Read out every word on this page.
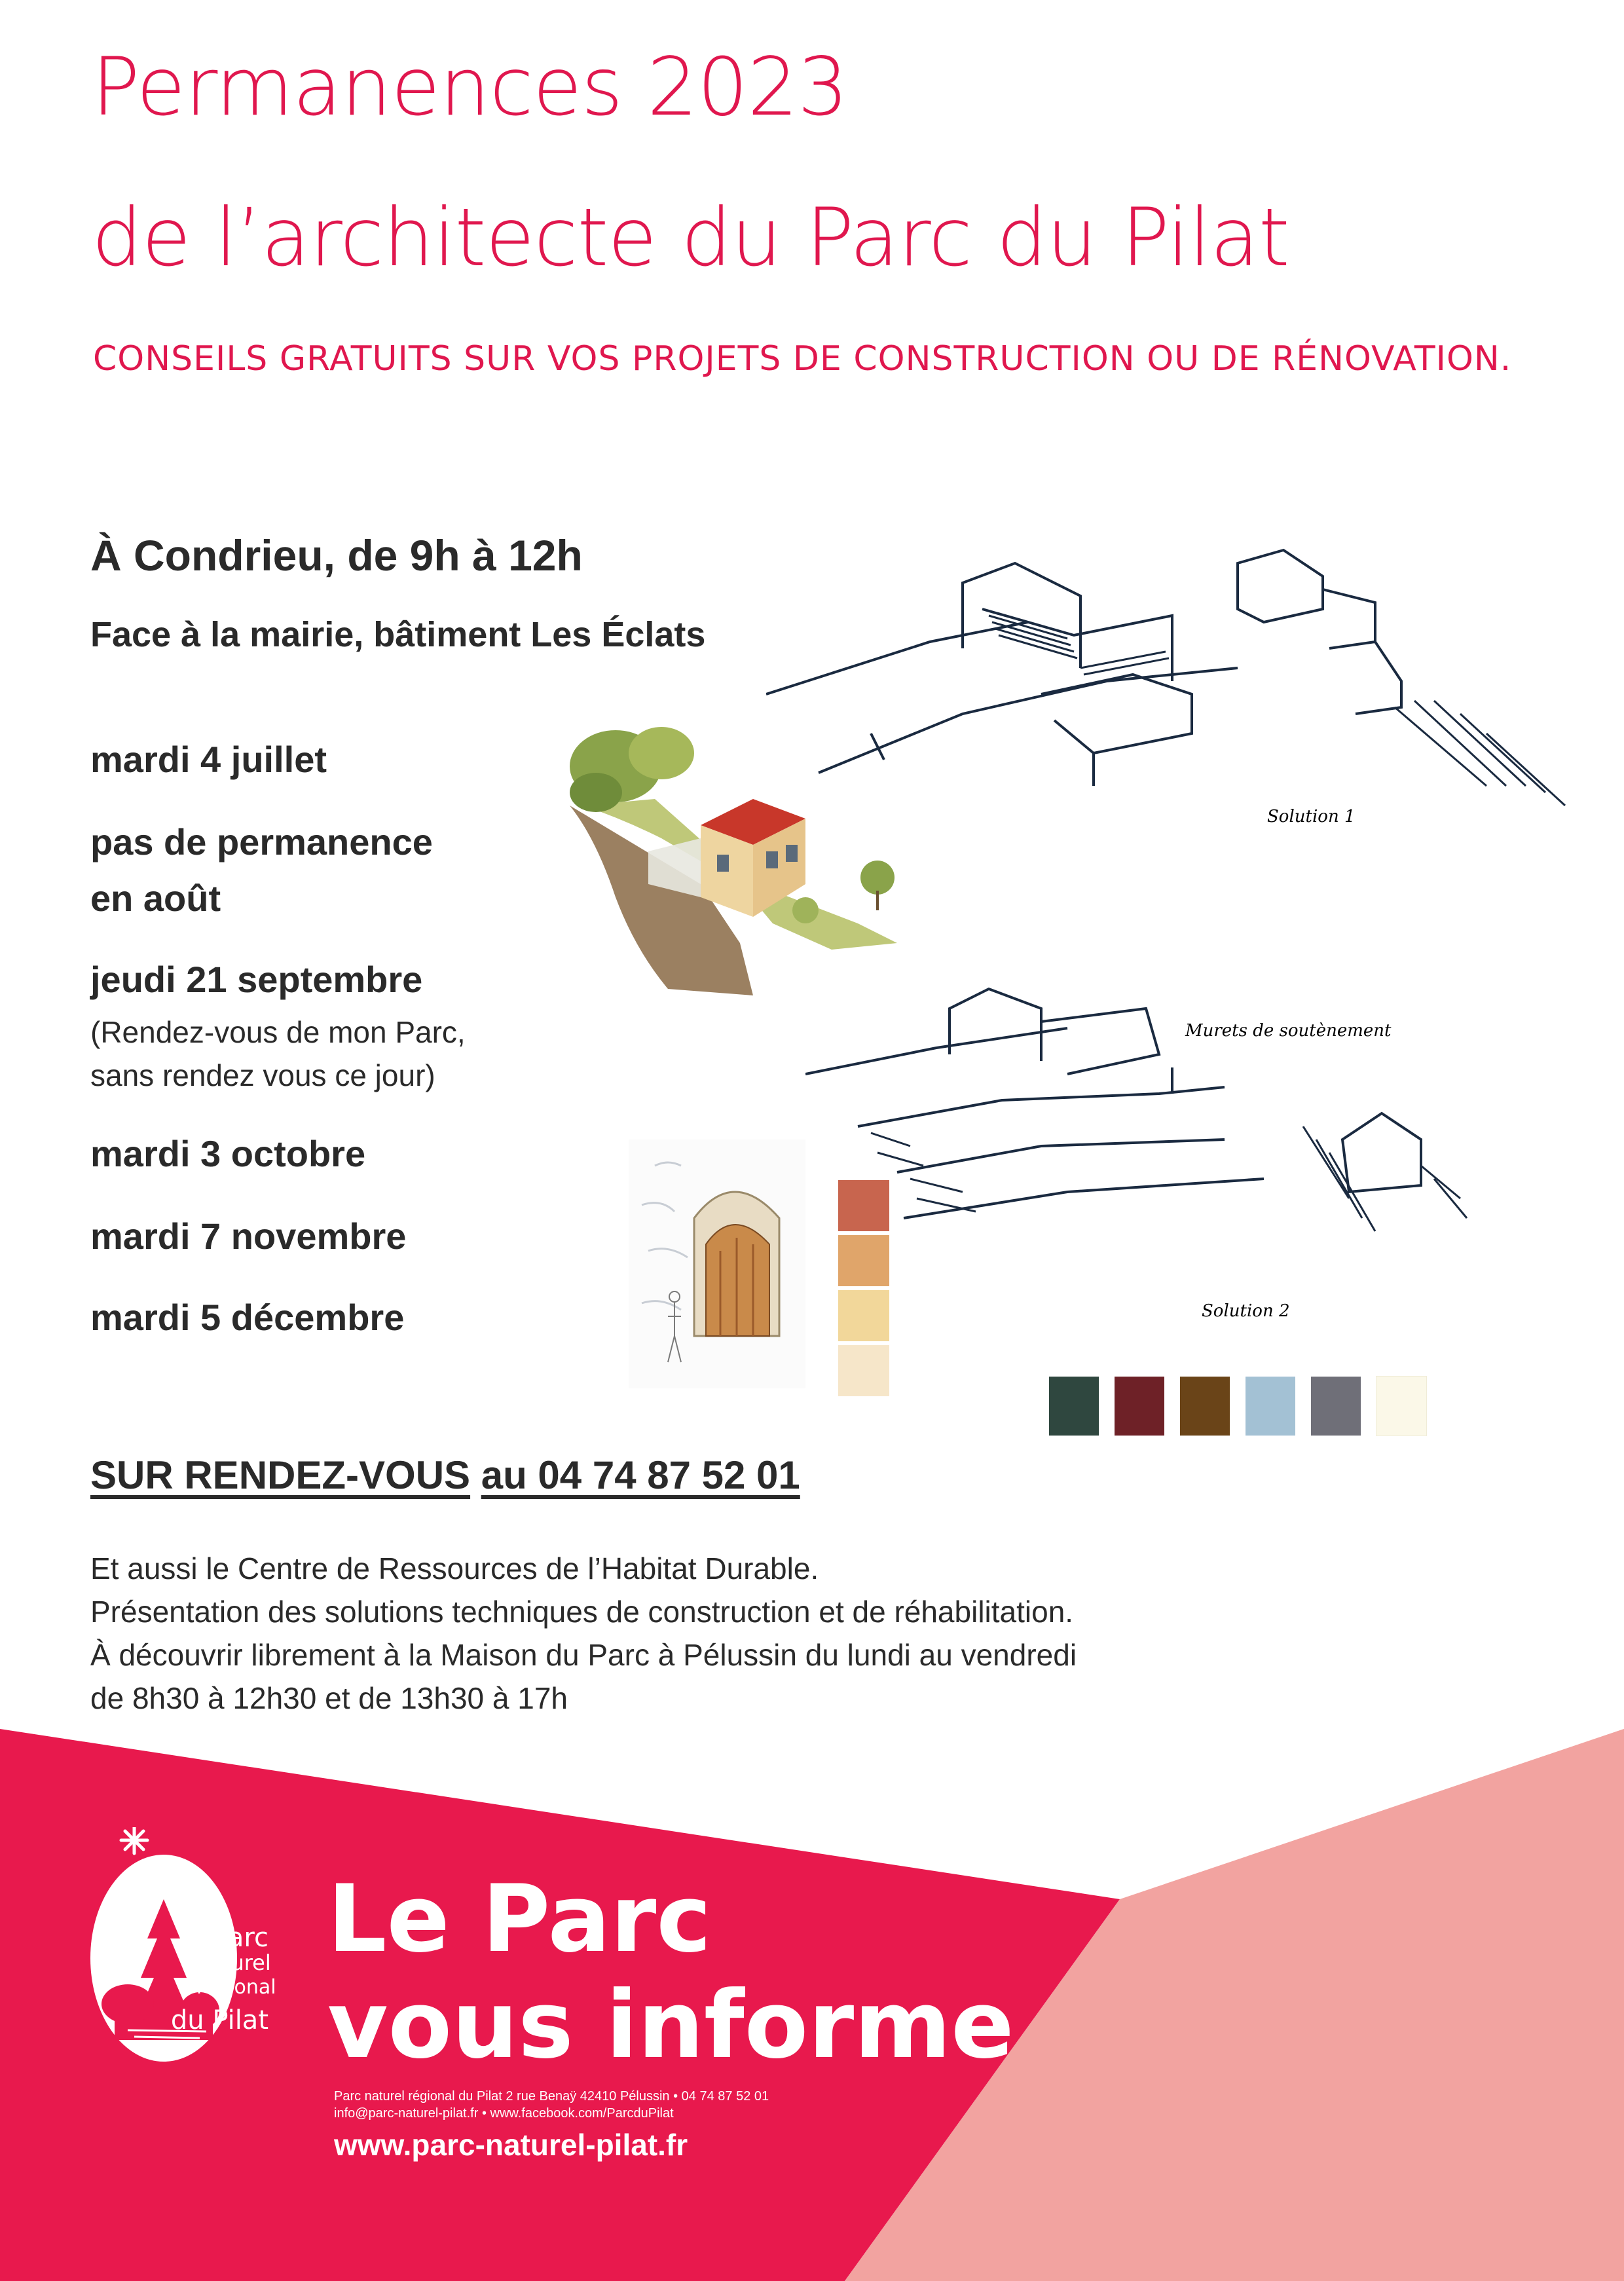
Permanences 2023
de l’architecte du Parc du Pilat
CONSEILS GRATUITS SUR VOS PROJETS DE CONSTRUCTION OU DE RÉNOVATION.
À Condrieu, de 9h à 12h
Face à la mairie, bâtiment Les Éclats
mardi 4 juillet
pas de permanence
en août
jeudi 21 septembre
(Rendez-vous de mon Parc,
sans rendez vous ce jour)
mardi 3 octobre
mardi 7 novembre
mardi 5 décembre
Solution 1
Murets de soutènement
Solution 2
SUR RENDEZ-VOUS au 04 74 87 52 01
Et aussi le Centre de Ressources de l’Habitat Durable.
Présentation des solutions techniques de construction et de réhabilitation.
À découvrir librement à la Maison du Parc à Pélussin du lundi au vendredi
de 8h30 à 12h30 et de 13h30 à 17h
Parc
naturel
régional
du Pilat
Le Parc
vous informe
Parc naturel régional du Pilat 2 rue Benaÿ 42410 Pélussin • 04 74 87 52 01
info@parc-naturel-pilat.fr • www.facebook.com/ParcduPilat
www.parc-naturel-pilat.fr
